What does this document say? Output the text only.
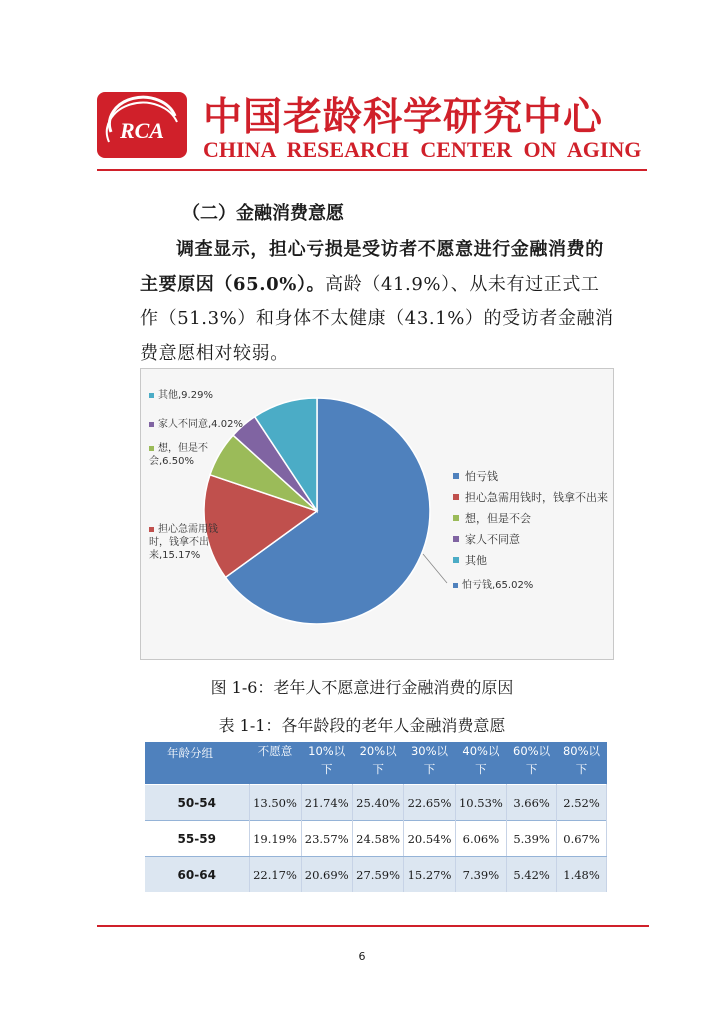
RCA 中国老龄科学研究中心
CHINA RESEARCH CENTER ON AGING
（二）金融消费意愿
调查显示，担心亏损是受访者不愿意进行金融消费的主要原因（65.0%）。高龄（41.9%）、从未有过正式工作（51.3%）和身体不太健康（43.1%）的受访者金融消费意愿相对较弱。
怕亏钱
担心急需用钱时，钱拿不出来
想，但是不会
家人不同意
其他
其他,9.29%
家人不同意,4.02%
想，但是不会,6.50%
担心急需用钱时，钱拿不出来,15.17%
怕亏钱,65.02%
图 1-6：老年人不愿意进行金融消费的原因
表 1-1：各年龄段的老年人金融消费意愿
年龄分组	不愿意	10%以下	20%以下	30%以下	40%以下	60%以下	80%以下
50-54	13.50%	21.74%	25.40%	22.65%	10.53%	3.66%	2.52%
55-59	19.19%	23.57%	24.58%	20.54%	6.06%	5.39%	0.67%
60-64	22.17%	20.69%	27.59%	15.27%	7.39%	5.42%	1.48%
6
